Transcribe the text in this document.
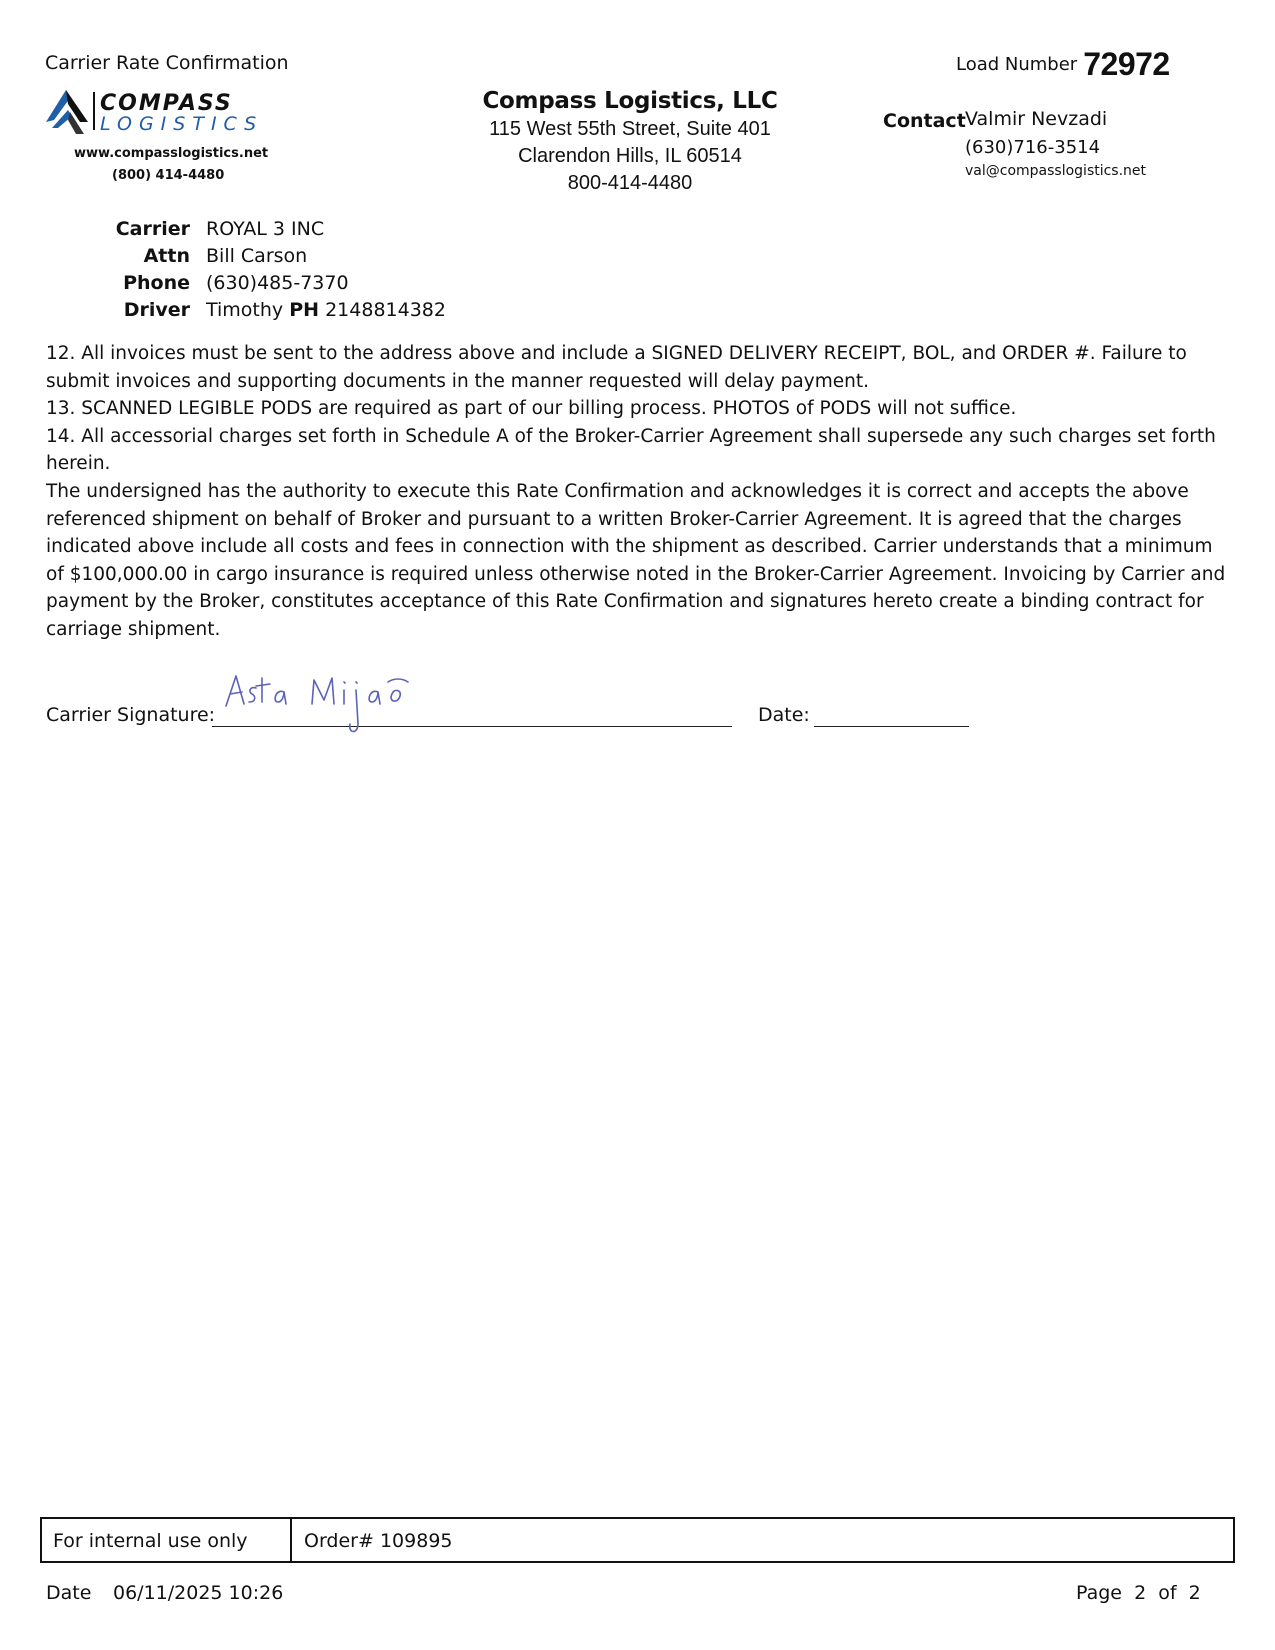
Carrier Rate Confirmation	Load Number 72972
COMPASS
LOGISTICS
www.compasslogistics.net
(800) 414-4480
Compass Logistics, LLC
115 West 55th Street, Suite 401
Clarendon Hills, IL 60514
800-414-4480
Contact Valmir Nevzadi
(630)716-3514
val@compasslogistics.net
Carrier	ROYAL 3 INC
Attn	Bill Carson
Phone	(630)485-7370
Driver	Timothy PH 2148814382

12. All invoices must be sent to the address above and include a SIGNED DELIVERY RECEIPT, BOL, and ORDER #. Failure to submit invoices and supporting documents in the manner requested will delay payment.

13. SCANNED LEGIBLE PODS are required as part of our billing process. PHOTOS of PODS will not suffice.

14. All accessorial charges set forth in Schedule A of the Broker-Carrier Agreement shall supersede any such charges set forth herein.

The undersigned has the authority to execute this Rate Confirmation and acknowledges it is correct and accepts the above referenced shipment on behalf of Broker and pursuant to a written Broker-Carrier Agreement. It is agreed that the charges indicated above include all costs and fees in connection with the shipment as described. Carrier understands that a minimum of $100,000.00 in cargo insurance is required unless otherwise noted in the Broker-Carrier Agreement. Invoicing by Carrier and payment by the Broker, constitutes acceptance of this Rate Confirmation and signatures hereto create a binding contract for carriage shipment.

Carrier Signature:	Date:
For internal use only	Order# 109895
Date 06/11/2025 10:26	Page  2  of  2
